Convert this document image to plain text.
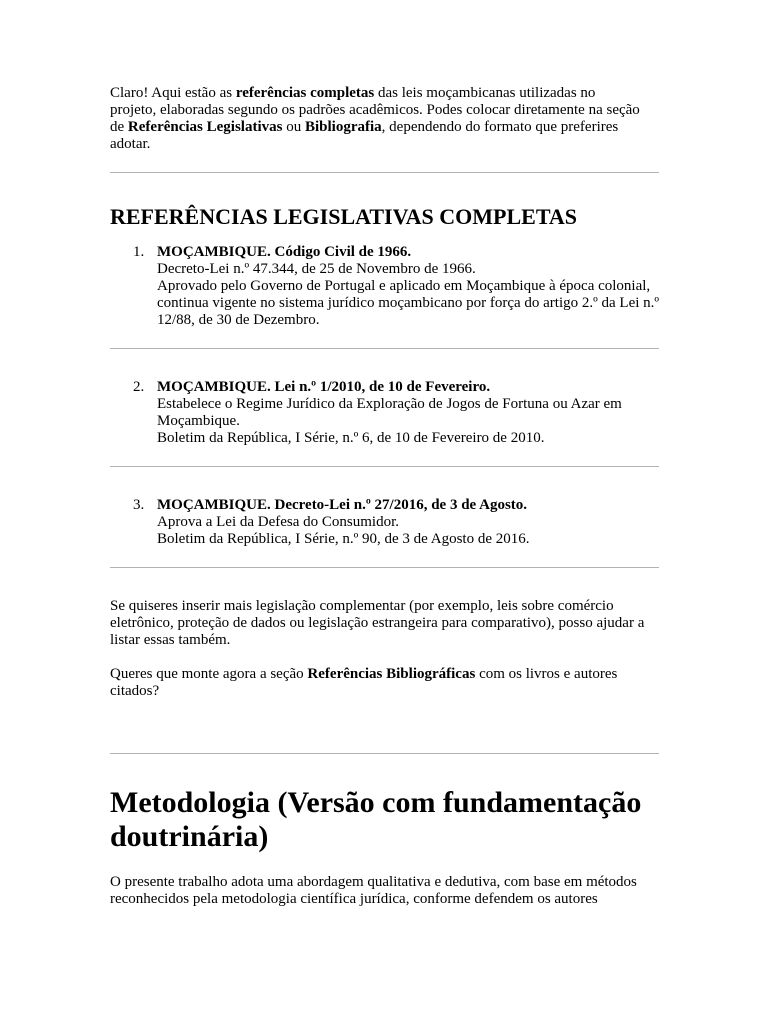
Claro! Aqui estão as referências completas das leis moçambicanas utilizadas no projeto, elaboradas segundo os padrões acadêmicos. Podes colocar diretamente na seção de Referências Legislativas ou Bibliografia, dependendo do formato que preferires adotar.

REFERÊNCIAS LEGISLATIVAS COMPLETAS
1. MOÇAMBIQUE. Código Civil de 1966.
Decreto-Lei n.º 47.344, de 25 de Novembro de 1966.
Aprovado pelo Governo de Portugal e aplicado em Moçambique à época colonial, continua vigente no sistema jurídico moçambicano por força do artigo 2.º da Lei n.º 12/88, de 30 de Dezembro.
2. MOÇAMBIQUE. Lei n.º 1/2010, de 10 de Fevereiro.
Estabelece o Regime Jurídico da Exploração de Jogos de Fortuna ou Azar em Moçambique.
Boletim da República, I Série, n.º 6, de 10 de Fevereiro de 2010.
3. MOÇAMBIQUE. Decreto-Lei n.º 27/2016, de 3 de Agosto.
Aprova a Lei da Defesa do Consumidor.
Boletim da República, I Série, n.º 90, de 3 de Agosto de 2016.

Se quiseres inserir mais legislação complementar (por exemplo, leis sobre comércio eletrônico, proteção de dados ou legislação estrangeira para comparativo), posso ajudar a listar essas também.

Queres que monte agora a seção Referências Bibliográficas com os livros e autores citados?

Metodologia (Versão com fundamentação doutrinária)

O presente trabalho adota uma abordagem qualitativa e dedutiva, com base em métodos reconhecidos pela metodologia científica jurídica, conforme defendem os autores
